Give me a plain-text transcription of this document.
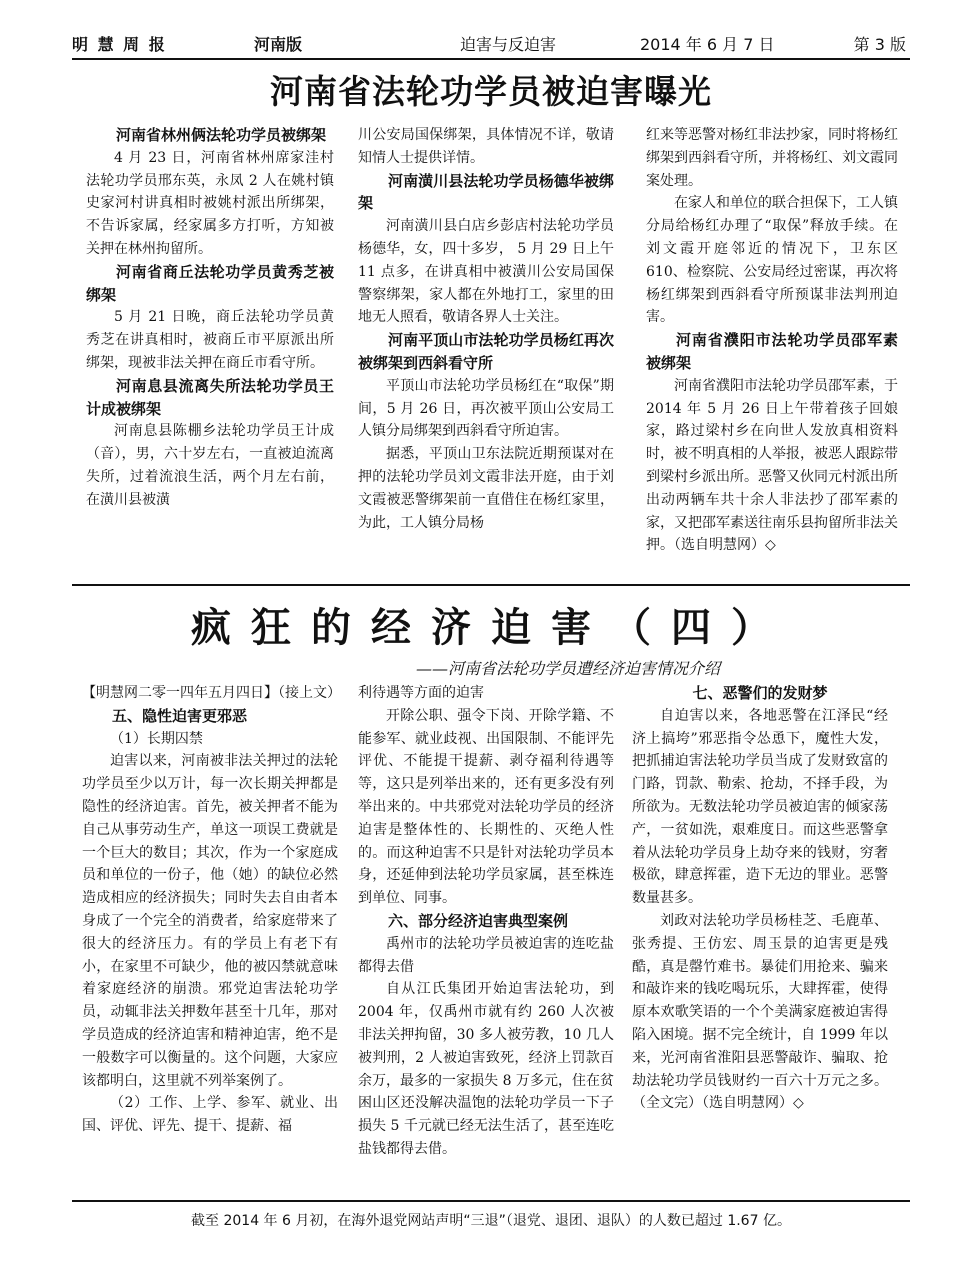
明 慧 周 报	河南版	迫害与反迫害	2014 年 6 月 7 日	第 3 版
河南省法轮功学员被迫害曝光
河南省林州俩法轮功学员被绑架

4 月 23 日，河南省林州席家洼村法轮功学员邢东英，永凤 2 人在姚村镇史家河村讲真相时被姚村派出所绑架，不告诉家属，经家属多方打听，方知被关押在林州拘留所。

河南省商丘法轮功学员黄秀芝被绑架

5 月 21 日晚，商丘法轮功学员黄秀芝在讲真相时，被商丘市平原派出所绑架，现被非法关押在商丘市看守所。

河南息县流离失所法轮功学员王计成被绑架

河南息县陈棚乡法轮功学员王计成（音），男，六十岁左右，一直被迫流离失所，过着流浪生活，两个月左右前，在潢川县被潢

川公安局国保绑架，具体情况不详，敬请知情人士提供详情。

河南潢川县法轮功学员杨德华被绑架

河南潢川县白店乡彭店村法轮功学员杨德华，女，四十多岁， 5 月 29 日上午 11 点多，在讲真相中被潢川公安局国保警察绑架，家人都在外地打工，家里的田地无人照看，敬请各界人士关注。

河南平顶山市法轮功学员杨红再次被绑架到西斜看守所

平顶山市法轮功学员杨红在“取保”期间，5 月 26 日，再次被平顶山公安局工人镇分局绑架到西斜看守所迫害。

据悉，平顶山卫东法院近期预谋对在押的法轮功学员刘文霞非法开庭，由于刘文霞被恶警绑架前一直借住在杨红家里，为此，工人镇分局杨

红来等恶警对杨红非法抄家，同时将杨红绑架到西斜看守所，并将杨红、刘文霞同案处理。

在家人和单位的联合担保下，工人镇分局给杨红办理了“取保”释放手续。在刘文霞开庭邻近的情况下，卫东区 610、检察院、公安局经过密谋，再次将杨红绑架到西斜看守所预谋非法判刑迫害。

河南省濮阳市法轮功学员邵军素被绑架

河南省濮阳市法轮功学员邵军素，于 2014 年 5 月 26 日上午带着孩子回娘家，路过梁村乡在向世人发放真相资料时，被不明真相的人举报，被恶人跟踪带到梁村乡派出所。恶警又伙同元村派出所出动两辆车共十余人非法抄了邵军素的家，又把邵军素送往南乐县拘留所非法关押。（选自明慧网）◇

疯狂的经济迫害（四）
——河南省法轮功学员遭经济迫害情况介绍

【明慧网二零一四年五月四日】（接上文）

五、隐性迫害更邪恶

（1）长期囚禁

迫害以来，河南被非法关押过的法轮功学员至少以万计，每一次长期关押都是隐性的经济迫害。首先，被关押者不能为自己从事劳动生产，单这一项误工费就是一个巨大的数目；其次，作为一个家庭成员和单位的一份子，他（她）的缺位必然造成相应的经济损失；同时失去自由者本身成了一个完全的消费者，给家庭带来了很大的经济压力。有的学员上有老下有小，在家里不可缺少，他的被囚禁就意味着家庭经济的崩溃。邪党迫害法轮功学员，动辄非法关押数年甚至十几年，那对学员造成的经济迫害和精神迫害，绝不是一般数字可以衡量的。这个问题，大家应该都明白，这里就不列举案例了。

（2）工作、上学、参军、就业、出国、评优、评先、提干、提薪、福

利待遇等方面的迫害

开除公职、强令下岗、开除学籍、不能参军、就业歧视、出国限制、不能评先评优、不能提干提薪、剥夺福利待遇等等，这只是列举出来的，还有更多没有列举出来的。中共邪党对法轮功学员的经济迫害是整体性的、长期性的、灭绝人性的。而这种迫害不只是针对法轮功学员本身，还延伸到法轮功学员家属，甚至株连到单位、同事。

六、部分经济迫害典型案例

禹州市的法轮功学员被迫害的连吃盐都得去借

自从江氏集团开始迫害法轮功，到 2004 年，仅禹州市就有约 260 人次被非法关押拘留，30 多人被劳教，10 几人被判刑，2 人被迫害致死，经济上罚款百余万，最多的一家损失 8 万多元，住在贫困山区还没解决温饱的法轮功学员一下子损失 5 千元就已经无法生活了，甚至连吃盐钱都得去借。

七、恶警们的发财梦

自迫害以来，各地恶警在江泽民“经济上搞垮”邪恶指令怂恿下，魔性大发，把抓捕迫害法轮功学员当成了发财致富的门路，罚款、勒索、抢劫，不择手段，为所欲为。无数法轮功学员被迫害的倾家荡产，一贫如洗，艰难度日。而这些恶警拿着从法轮功学员身上劫夺来的钱财，穷奢极欲，肆意挥霍，造下无边的罪业。恶警数量甚多。

刘政对法轮功学员杨桂芝、毛鹿革、张秀提、王仿宏、周玉景的迫害更是残酷，真是罄竹难书。暴徒们用抢来、骗来和敲诈来的钱吃喝玩乐，大肆挥霍，使得原本欢歌笑语的一个个美满家庭被迫害得陷入困境。据不完全统计，自 1999 年以来，光河南省淮阳县恶警敲诈、骗取、抢劫法轮功学员钱财约一百六十万元之多。（全文完）（选自明慧网）◇

截至 2014 年 6 月初，在海外退党网站声明“三退”（退党、退团、退队）的人数已超过 1.67 亿。
